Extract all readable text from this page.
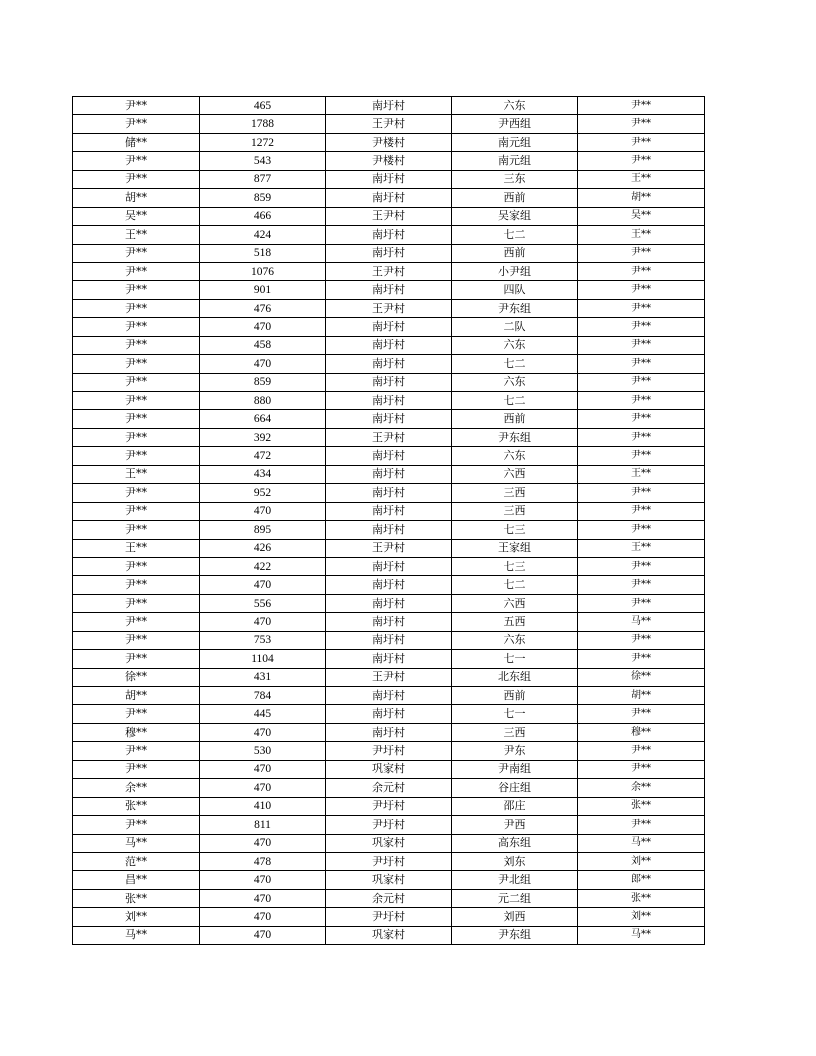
尹**	465	南圩村	六东	尹**
尹**	1788	王尹村	尹西组	尹**
储**	1272	尹楼村	南元组	尹**
尹**	543	尹楼村	南元组	尹**
尹**	877	南圩村	三东	王**
胡**	859	南圩村	西前	胡**
吴**	466	王尹村	吴家组	吴**
王**	424	南圩村	七二	王**
尹**	518	南圩村	西前	尹**
尹**	1076	王尹村	小尹组	尹**
尹**	901	南圩村	四队	尹**
尹**	476	王尹村	尹东组	尹**
尹**	470	南圩村	二队	尹**
尹**	458	南圩村	六东	尹**
尹**	470	南圩村	七二	尹**
尹**	859	南圩村	六东	尹**
尹**	880	南圩村	七二	尹**
尹**	664	南圩村	西前	尹**
尹**	392	王尹村	尹东组	尹**
尹**	472	南圩村	六东	尹**
王**	434	南圩村	六西	王**
尹**	952	南圩村	三西	尹**
尹**	470	南圩村	三西	尹**
尹**	895	南圩村	七三	尹**
王**	426	王尹村	王家组	王**
尹**	422	南圩村	七三	尹**
尹**	470	南圩村	七二	尹**
尹**	556	南圩村	六西	尹**
尹**	470	南圩村	五西	马**
尹**	753	南圩村	六东	尹**
尹**	1104	南圩村	七一	尹**
徐**	431	王尹村	北东组	徐**
胡**	784	南圩村	西前	胡**
尹**	445	南圩村	七一	尹**
穆**	470	南圩村	三西	穆**
尹**	530	尹圩村	尹东	尹**
尹**	470	巩家村	尹南组	尹**
余**	470	余元村	谷庄组	余**
张**	410	尹圩村	邵庄	张**
尹**	811	尹圩村	尹西	尹**
马**	470	巩家村	高东组	马**
范**	478	尹圩村	刘东	刘**
昌**	470	巩家村	尹北组	郎**
张**	470	余元村	元二组	张**
刘**	470	尹圩村	刘西	刘**
马**	470	巩家村	尹东组	马**
